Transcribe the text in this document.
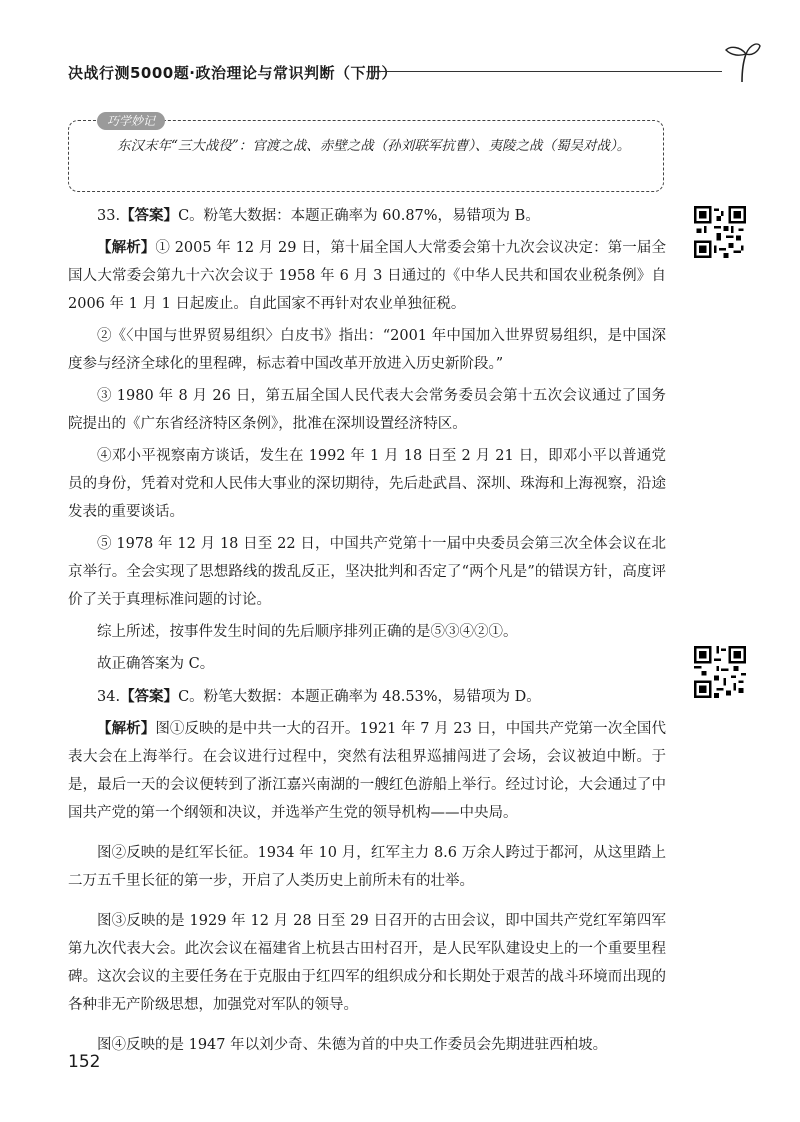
决战行测5000题·政治理论与常识判断（下册）
巧学妙记
东汉末年“三大战役”：官渡之战、赤壁之战（孙刘联军抗曹）、夷陵之战（蜀吴对战）。

33.【答案】C。粉笔大数据：本题正确率为 60.87%，易错项为 B。

【解析】① 2005 年 12 月 29 日，第十届全国人大常委会第十九次会议决定：第一届全国人大常委会第九十六次会议于 1958 年 6 月 3 日通过的《中华人民共和国农业税条例》自 2006 年 1 月 1 日起废止。自此国家不再针对农业单独征税。

②《〈中国与世界贸易组织〉白皮书》指出：“2001 年中国加入世界贸易组织，是中国深度参与经济全球化的里程碑，标志着中国改革开放进入历史新阶段。”

③ 1980 年 8 月 26 日，第五届全国人民代表大会常务委员会第十五次会议通过了国务院提出的《广东省经济特区条例》，批准在深圳设置经济特区。

④邓小平视察南方谈话，发生在 1992 年 1 月 18 日至 2 月 21 日，即邓小平以普通党员的身份，凭着对党和人民伟大事业的深切期待，先后赴武昌、深圳、珠海和上海视察，沿途发表的重要谈话。

⑤ 1978 年 12 月 18 日至 22 日，中国共产党第十一届中央委员会第三次全体会议在北京举行。全会实现了思想路线的拨乱反正，坚决批判和否定了“两个凡是”的错误方针，高度评价了关于真理标准问题的讨论。

综上所述，按事件发生时间的先后顺序排列正确的是⑤③④②①。

故正确答案为 C。

34.【答案】C。粉笔大数据：本题正确率为 48.53%，易错项为 D。

【解析】图①反映的是中共一大的召开。1921 年 7 月 23 日，中国共产党第一次全国代表大会在上海举行。在会议进行过程中，突然有法租界巡捕闯进了会场，会议被迫中断。于是，最后一天的会议便转到了浙江嘉兴南湖的一艘红色游船上举行。经过讨论，大会通过了中国共产党的第一个纲领和决议，并选举产生党的领导机构——中央局。

图②反映的是红军长征。1934 年 10 月，红军主力 8.6 万余人跨过于都河，从这里踏上二万五千里长征的第一步，开启了人类历史上前所未有的壮举。

图③反映的是 1929 年 12 月 28 日至 29 日召开的古田会议，即中国共产党红军第四军第九次代表大会。此次会议在福建省上杭县古田村召开，是人民军队建设史上的一个重要里程碑。这次会议的主要任务在于克服由于红四军的组织成分和长期处于艰苦的战斗环境而出现的各种非无产阶级思想，加强党对军队的领导。

图④反映的是 1947 年以刘少奇、朱德为首的中央工作委员会先期进驻西柏坡。

152
